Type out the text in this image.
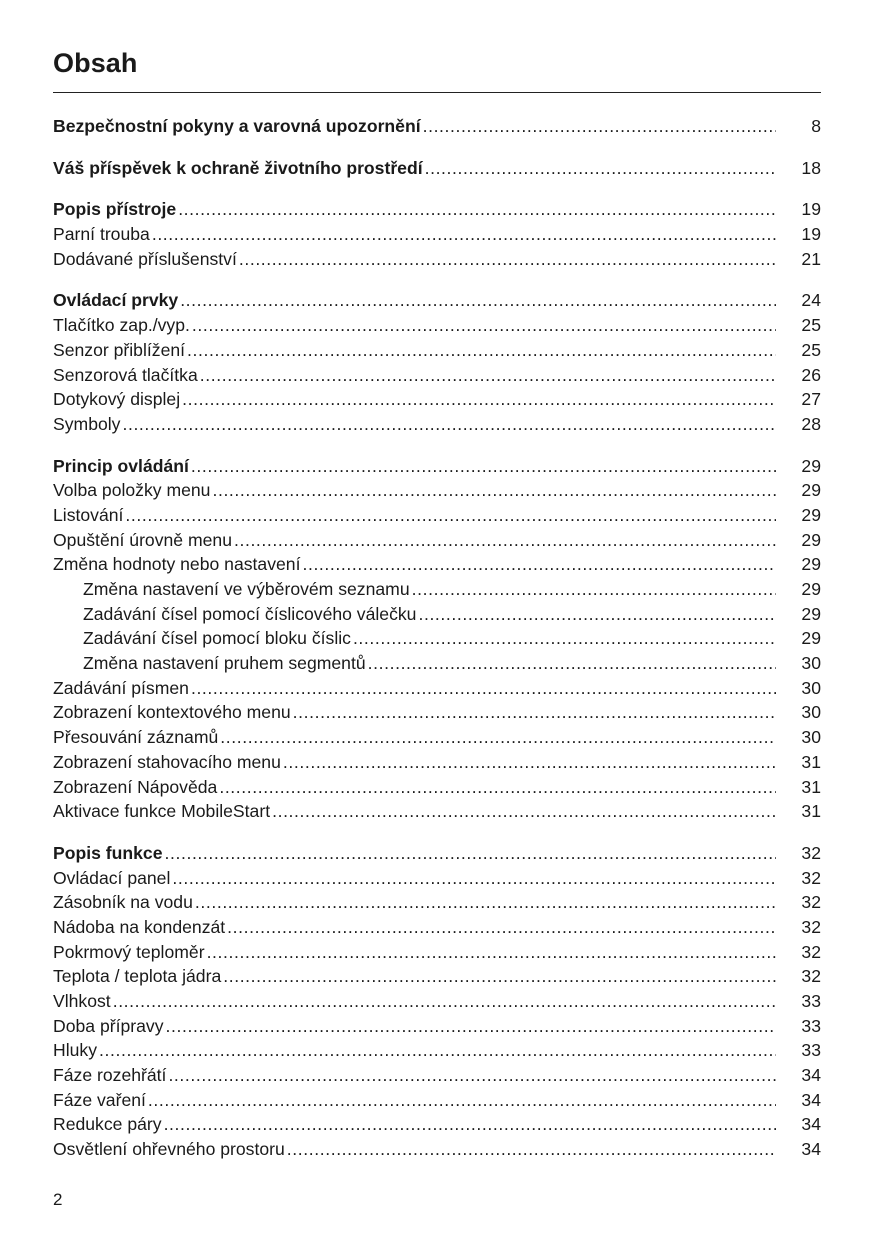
Obsah
Bezpečnostní pokyny a varovná upozornění .....	8
Váš příspěvek k ochraně životního prostředí .....	18
Popis přístroje .....	19
Parní trouba .....	19
Dodávané příslušenství .....	21
Ovládací prvky .....	24
Tlačítko zap./vyp. .....	25
Senzor přiblížení .....	25
Senzorová tlačítka .....	26
Dotykový displej .....	27
Symboly .....	28
Princip ovládání .....	29
Volba položky menu .....	29
Listování .....	29
Opuštění úrovně menu .....	29
Změna hodnoty nebo nastavení .....	29
Změna nastavení ve výběrovém seznamu .....	29
Zadávání čísel pomocí číslicového válečku .....	29
Zadávání čísel pomocí bloku číslic .....	29
Změna nastavení pruhem segmentů .....	30
Zadávání písmen .....	30
Zobrazení kontextového menu .....	30
Přesouvání záznamů .....	30
Zobrazení stahovacího menu .....	31
Zobrazení Nápověda .....	31
Aktivace funkce MobileStart .....	31
Popis funkce .....	32
Ovládací panel .....	32
Zásobník na vodu .....	32
Nádoba na kondenzát .....	32
Pokrmový teploměr .....	32
Teplota / teplota jádra .....	32
Vlhkost .....	33
Doba přípravy .....	33
Hluky .....	33
Fáze rozehřátí .....	34
Fáze vaření .....	34
Redukce páry .....	34
Osvětlení ohřevného prostoru .....	34
2
